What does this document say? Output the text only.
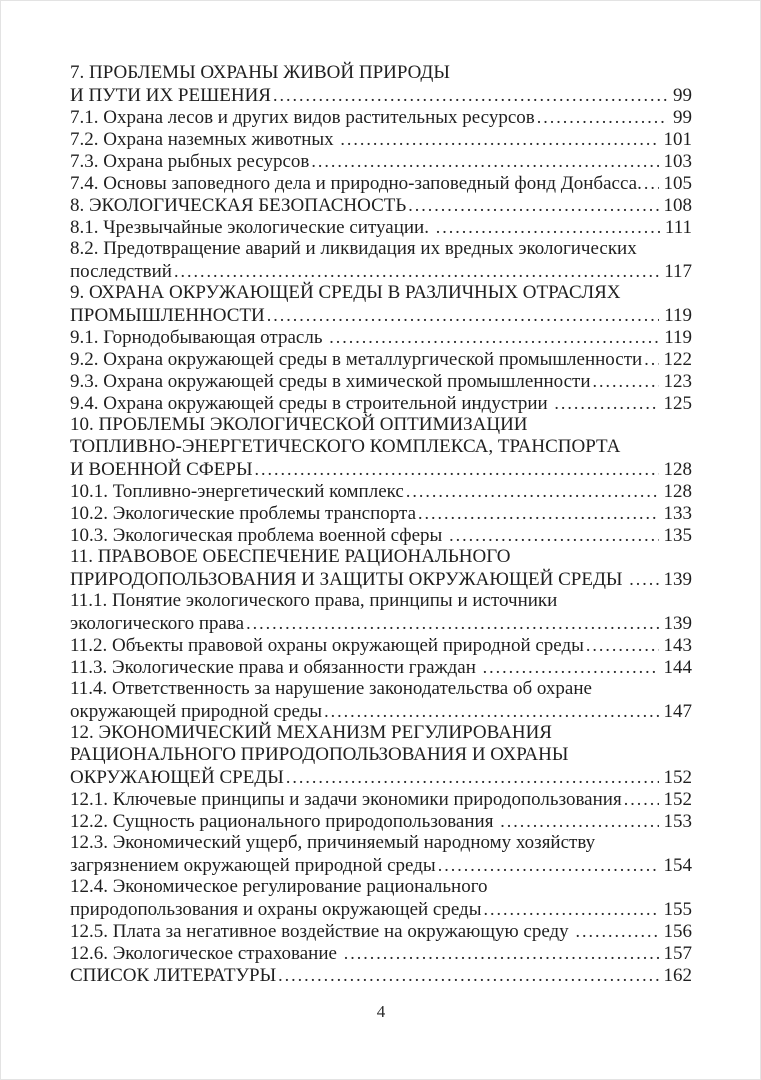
7. ПРОБЛЕМЫ ОХРАНЫ ЖИВОЙ ПРИРОДЫ
И ПУТИ ИХ РЕШЕНИЯ .....	99
7.1. Охрана лесов и других видов растительных ресурсов .....	99
7.2. Охрана наземных животных .....	101
7.3. Охрана рыбных ресурсов .....	103
7.4. Основы заповедного дела и природно-заповедный фонд Донбасса. ..... 105
8. ЭКОЛОГИЧЕСКАЯ БЕЗОПАСНОСТЬ .....	108
8.1. Чрезвычайные экологические ситуации. .....	111
8.2. Предотвращение аварий и ликвидация их вредных экологических
последствий .....	117
9. ОХРАНА ОКРУЖАЮЩЕЙ СРЕДЫ В РАЗЛИЧНЫХ ОТРАСЛЯХ
ПРОМЫШЛЕННОСТИ .....	119
9.1. Горнодобывающая отрасль .....	119
9.2. Охрана окружающей среды в металлургической промышленности ..... 122
9.3. Охрана окружающей среды в химической промышленности .....	123
9.4. Охрана окружающей среды в строительной индустрии .....	125
10. ПРОБЛЕМЫ ЭКОЛОГИЧЕСКОЙ ОПТИМИЗАЦИИ
ТОПЛИВНО-ЭНЕРГЕТИЧЕСКОГО КОМПЛЕКСА, ТРАНСПОРТА
И ВОЕННОЙ СФЕРЫ .....	128
10.1. Топливно-энергетический комплекс .....	128
10.2. Экологические проблемы транспорта .....	133
10.3. Экологическая проблема военной сферы .....	135
11. ПРАВОВОЕ ОБЕСПЕЧЕНИЕ РАЦИОНАЛЬНОГО
ПРИРОДОПОЛЬЗОВАНИЯ И ЗАЩИТЫ ОКРУЖАЮЩЕЙ СРЕДЫ ..... 139
11.1. Понятие экологического права, принципы и источники
экологического права .....	139
11.2. Объекты правовой охраны окружающей природной среды .....	143
11.3. Экологические права и обязанности граждан .....	144
11.4. Ответственность за нарушение законодательства об охране
окружающей природной среды .....	147
12. ЭКОНОМИЧЕСКИЙ МЕХАНИЗМ РЕГУЛИРОВАНИЯ
РАЦИОНАЛЬНОГО ПРИРОДОПОЛЬЗОВАНИЯ И ОХРАНЫ
ОКРУЖАЮЩЕЙ СРЕДЫ .....	152
12.1. Ключевые принципы и задачи экономики природопользования ..... 152
12.2. Сущность рационального природопользования .....	153
12.3. Экономический ущерб, причиняемый народному хозяйству
загрязнением окружающей природной среды .....	154
12.4. Экономическое регулирование рационального
природопользования и охраны окружающей среды .....	155
12.5. Плата за негативное воздействие на окружающую среду .....	156
12.6. Экологическое страхование .....	157
СПИСОК ЛИТЕРАТУРЫ .....	162
4
